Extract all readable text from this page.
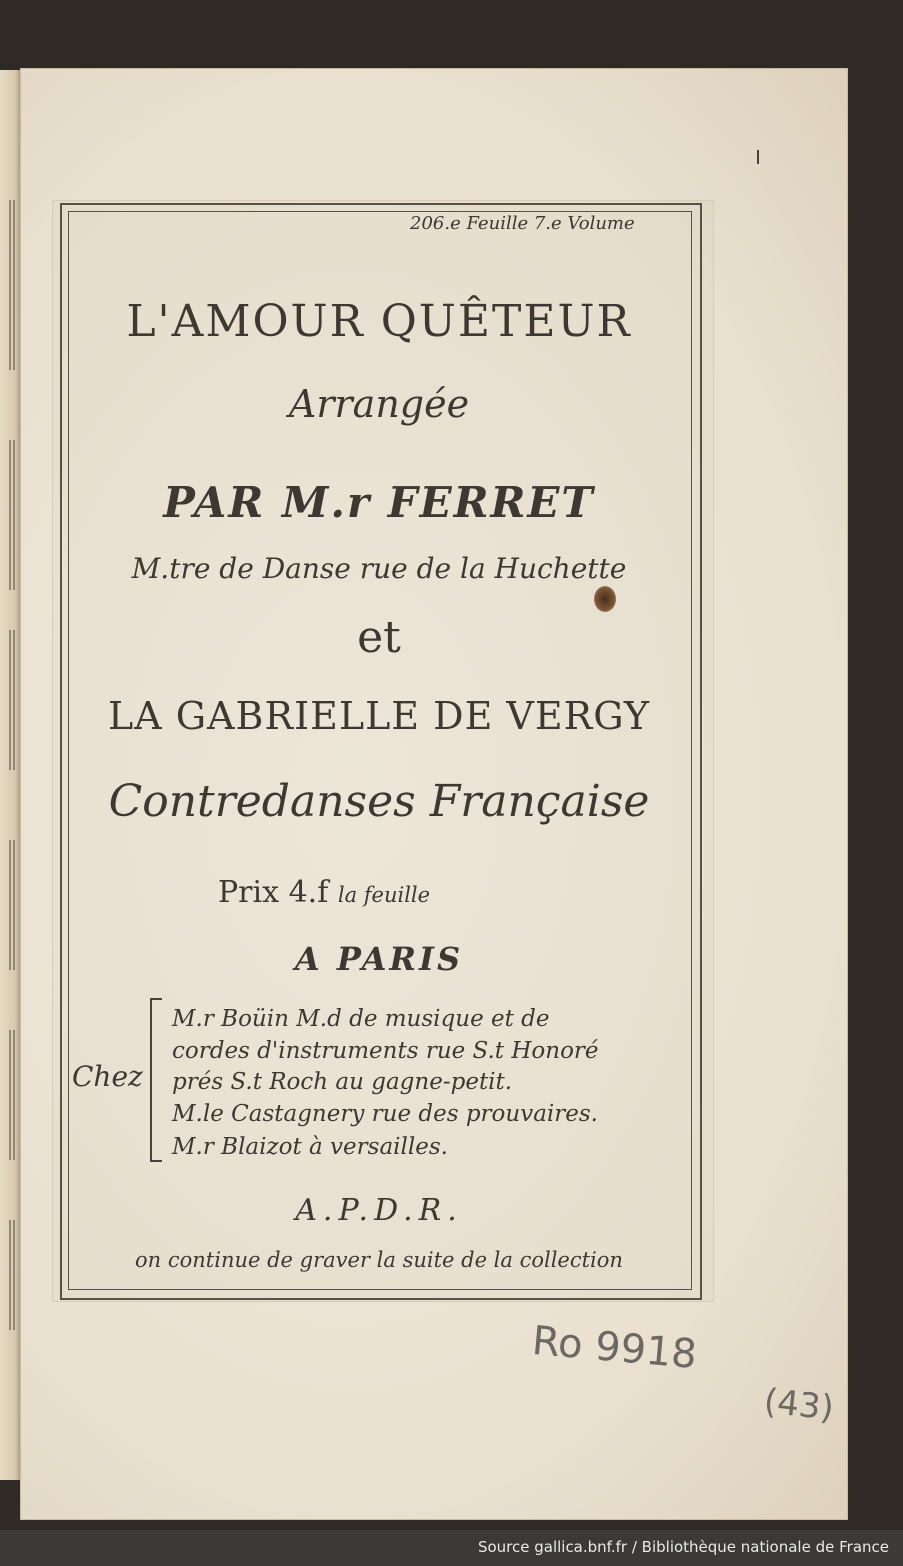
206.e Feuille 7.e Volume
L'AMOUR QUÊTEUR
Arrangée
PAR M.r FERRET
M.tre de Danse rue de la Huchette
et
LA GABRIELLE DE VERGY
Contredanses Française
Prix 4.f la feuille
A PARIS
Chez
M.r Boüin M.d de musique et de
cordes d'instruments rue S.t Honoré
prés S.t Roch au gagne-petit.
M.le Castagnery rue des prouvaires.
M.r Blaizot à versailles.
A.P.D.R.
on continue de graver la suite de la collection
Ro 9918
(43)
Source gallica.bnf.fr / Bibliothèque nationale de France
